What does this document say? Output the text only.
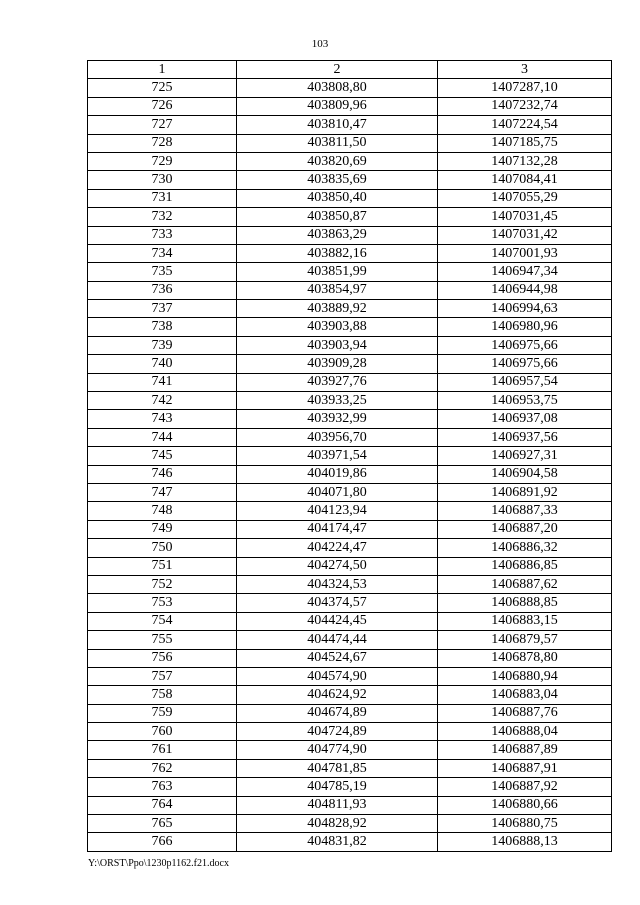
103
1	2	3
725	403808,80	1407287,10
726	403809,96	1407232,74
727	403810,47	1407224,54
728	403811,50	1407185,75
729	403820,69	1407132,28
730	403835,69	1407084,41
731	403850,40	1407055,29
732	403850,87	1407031,45
733	403863,29	1407031,42
734	403882,16	1407001,93
735	403851,99	1406947,34
736	403854,97	1406944,98
737	403889,92	1406994,63
738	403903,88	1406980,96
739	403903,94	1406975,66
740	403909,28	1406975,66
741	403927,76	1406957,54
742	403933,25	1406953,75
743	403932,99	1406937,08
744	403956,70	1406937,56
745	403971,54	1406927,31
746	404019,86	1406904,58
747	404071,80	1406891,92
748	404123,94	1406887,33
749	404174,47	1406887,20
750	404224,47	1406886,32
751	404274,50	1406886,85
752	404324,53	1406887,62
753	404374,57	1406888,85
754	404424,45	1406883,15
755	404474,44	1406879,57
756	404524,67	1406878,80
757	404574,90	1406880,94
758	404624,92	1406883,04
759	404674,89	1406887,76
760	404724,89	1406888,04
761	404774,90	1406887,89
762	404781,85	1406887,91
763	404785,19	1406887,92
764	404811,93	1406880,66
765	404828,92	1406880,75
766	404831,82	1406888,13
Y:\ORST\Ppo\1230p1162.f21.docx
